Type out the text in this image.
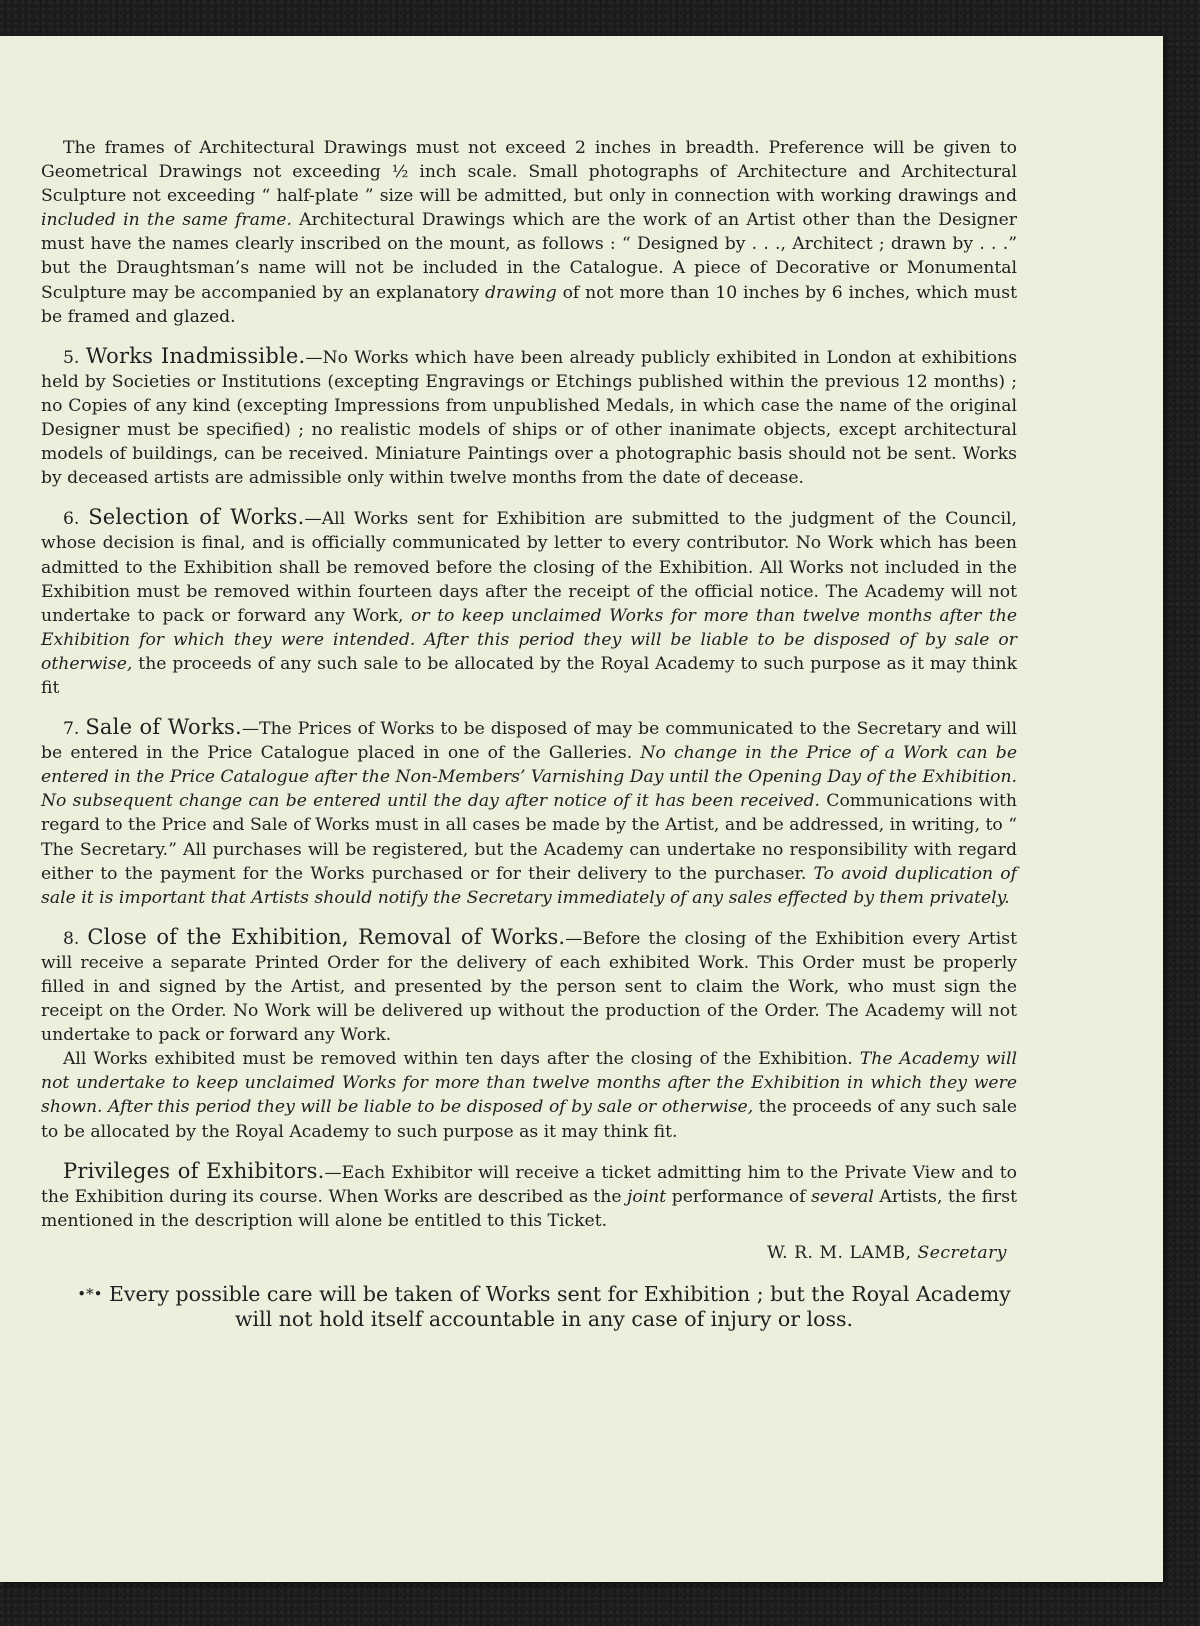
The frames of Architectural Drawings must not exceed 2 inches in breadth. Preference will be given to Geometrical Drawings not exceeding ½ inch scale. Small photographs of Architecture and Architectural Sculpture not exceeding “ half-plate ” size will be admitted, but only in connection with working drawings and included in the same frame. Architectural Drawings which are the work of an Artist other than the Designer must have the names clearly inscribed on the mount, as follows : “ Designed by . . ., Architect ; drawn by . . .” but the Draughtsman’s name will not be included in the Catalogue. A piece of Decorative or Monumental Sculpture may be accompanied by an explanatory drawing of not more than 10 inches by 6 inches, which must be framed and glazed.

5. Works Inadmissible.—No Works which have been already publicly exhibited in London at exhibitions held by Societies or Institutions (excepting Engravings or Etchings published within the previous 12 months) ; no Copies of any kind (excepting Impressions from unpublished Medals, in which case the name of the original Designer must be specified) ; no realistic models of ships or of other inanimate objects, except architectural models of buildings, can be received. Miniature Paintings over a photographic basis should not be sent. Works by deceased artists are admissible only within twelve months from the date of decease.

6. Selection of Works.—All Works sent for Exhibition are submitted to the judgment of the Council, whose decision is final, and is officially communicated by letter to every contributor. No Work which has been admitted to the Exhibition shall be removed before the closing of the Exhibition. All Works not included in the Exhibition must be removed within fourteen days after the receipt of the official notice. The Academy will not undertake to pack or forward any Work, or to keep unclaimed Works for more than twelve months after the Exhibition for which they were intended. After this period they will be liable to be disposed of by sale or otherwise, the proceeds of any such sale to be allocated by the Royal Academy to such purpose as it may think fit

7. Sale of Works.—The Prices of Works to be disposed of may be communicated to the Secretary and will be entered in the Price Catalogue placed in one of the Galleries. No change in the Price of a Work can be entered in the Price Catalogue after the Non-Members’ Varnishing Day until the Opening Day of the Exhibition. No subsequent change can be entered until the day after notice of it has been received. Communications with regard to the Price and Sale of Works must in all cases be made by the Artist, and be addressed, in writing, to “ The Secretary.” All purchases will be registered, but the Academy can undertake no responsibility with regard either to the payment for the Works purchased or for their delivery to the purchaser. To avoid duplication of sale it is important that Artists should notify the Secretary immediately of any sales effected by them privately.

8. Close of the Exhibition, Removal of Works.—Before the closing of the Exhibition every Artist will receive a separate Printed Order for the delivery of each exhibited Work. This Order must be properly filled in and signed by the Artist, and presented by the person sent to claim the Work, who must sign the receipt on the Order. No Work will be delivered up without the production of the Order. The Academy will not undertake to pack or forward any Work.

All Works exhibited must be removed within ten days after the closing of the Exhibition. The Academy will not undertake to keep unclaimed Works for more than twelve months after the Exhibition in which they were shown. After this period they will be liable to be disposed of by sale or otherwise, the proceeds of any such sale to be allocated by the Royal Academy to such purpose as it may think fit.

Privileges of Exhibitors.—Each Exhibitor will receive a ticket admitting him to the Private View and to the Exhibition during its course. When Works are described as the joint performance of several Artists, the first mentioned in the description will alone be entitled to this Ticket.

W. R. M. LAMB, Secretary

•*• Every possible care will be taken of Works sent for Exhibition ; but the Royal Academy will not hold itself accountable in any case of injury or loss.
